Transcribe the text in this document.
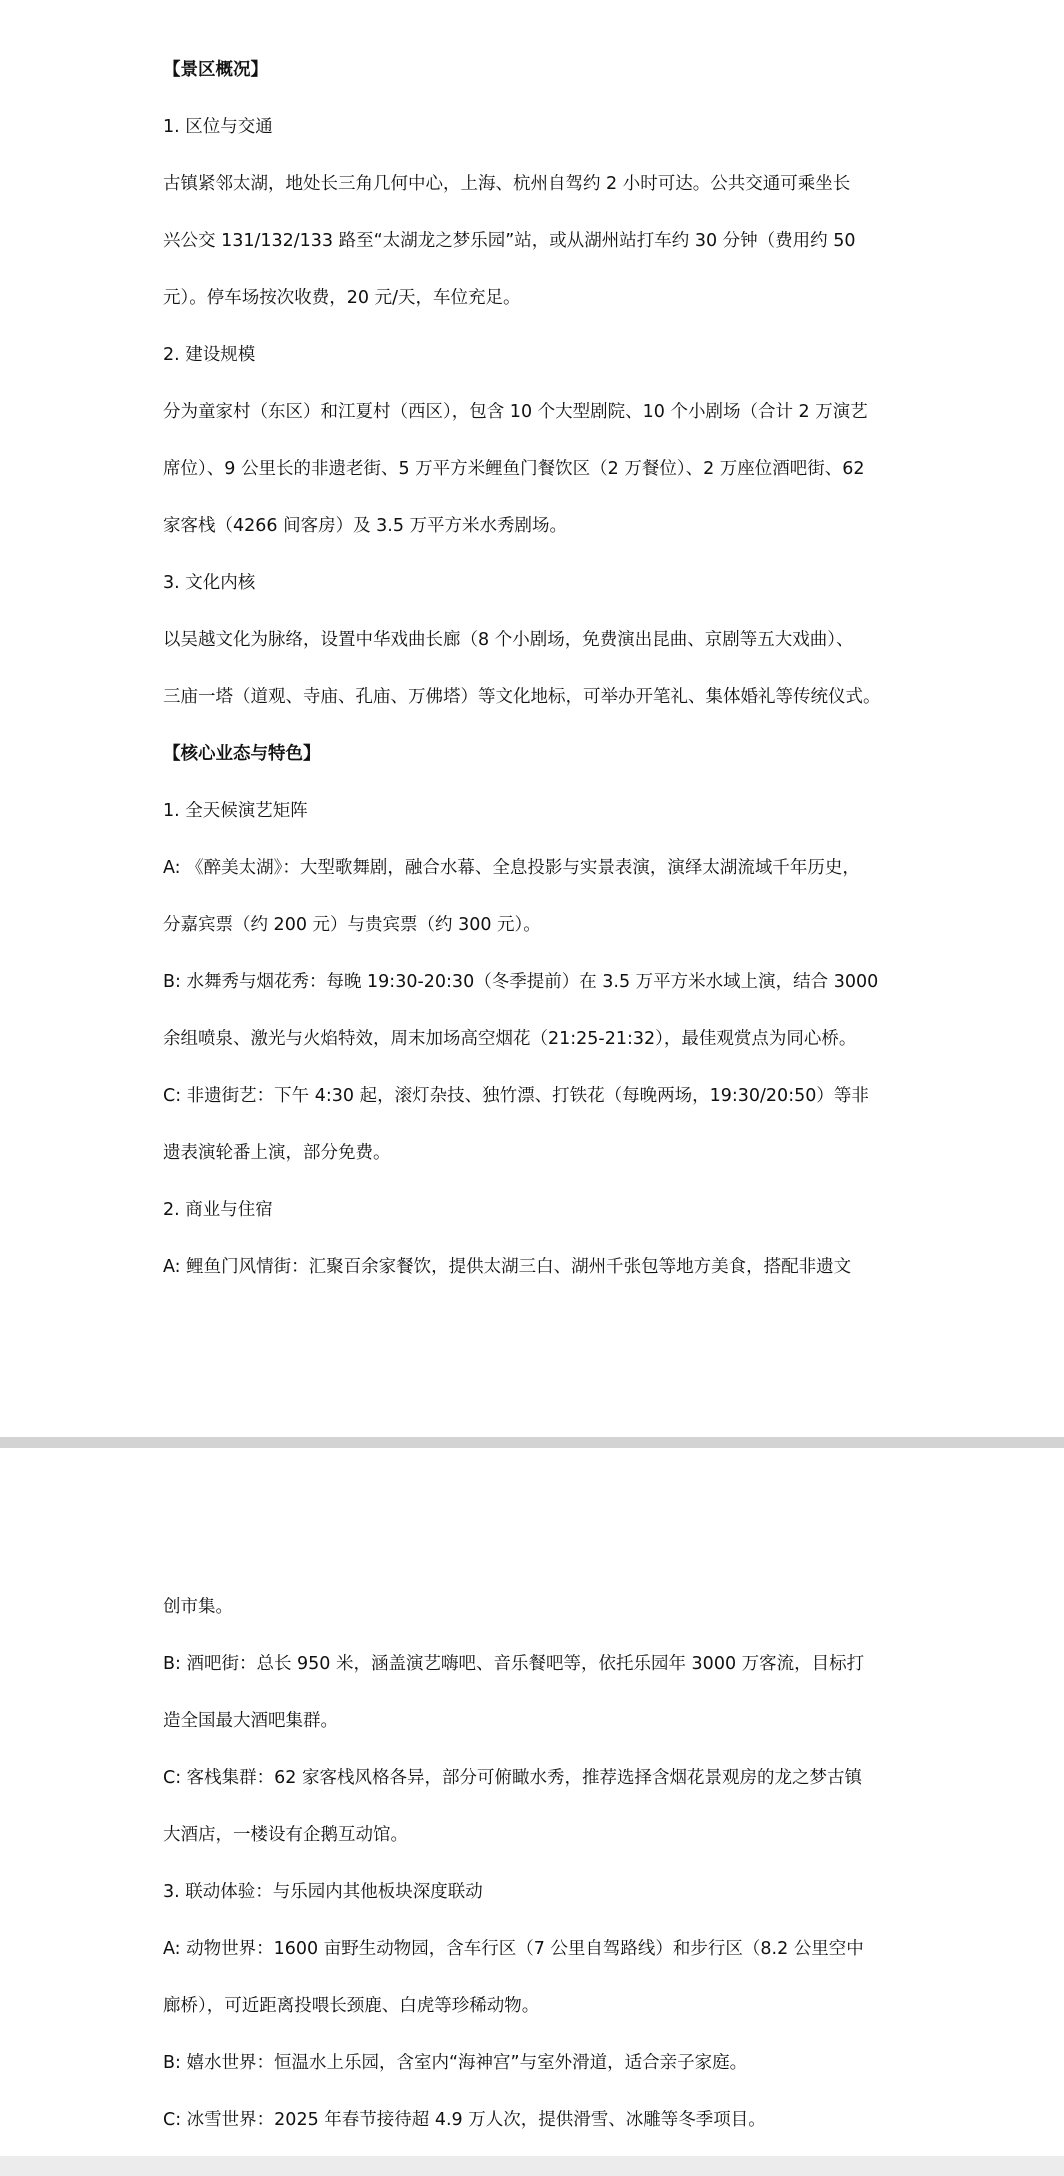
【景区概况】
1. 区位与交通
古镇紧邻太湖，地处长三角几何中心，上海、杭州自驾约 2 小时可达。公共交通可乘坐长
兴公交 131/132/133 路至“太湖龙之梦乐园”站，或从湖州站打车约 30 分钟（费用约 50
元）。停车场按次收费，20 元/天，车位充足。
2. 建设规模
分为童家村（东区）和江夏村（西区），包含 10 个大型剧院、10 个小剧场（合计 2 万演艺
席位）、9 公里长的非遗老街、5 万平方米鲤鱼门餐饮区（2 万餐位）、2 万座位酒吧街、62
家客栈（4266 间客房）及 3.5 万平方米水秀剧场。
3. 文化内核
以吴越文化为脉络，设置中华戏曲长廊（8 个小剧场，免费演出昆曲、京剧等五大戏曲）、
三庙一塔（道观、寺庙、孔庙、万佛塔）等文化地标，可举办开笔礼、集体婚礼等传统仪式。
【核心业态与特色】
1. 全天候演艺矩阵
A: 《醉美太湖》：大型歌舞剧，融合水幕、全息投影与实景表演，演绎太湖流域千年历史，
分嘉宾票（约 200 元）与贵宾票（约 300 元）。
B: 水舞秀与烟花秀：每晚 19:30-20:30（冬季提前）在 3.5 万平方米水域上演，结合 3000
余组喷泉、激光与火焰特效，周末加场高空烟花（21:25-21:32），最佳观赏点为同心桥。
C: 非遗街艺：下午 4:30 起，滚灯杂技、独竹漂、打铁花（每晚两场，19:30/20:50）等非
遗表演轮番上演，部分免费。
2. 商业与住宿
A: 鲤鱼门风情街：汇聚百余家餐饮，提供太湖三白、湖州千张包等地方美食，搭配非遗文
创市集。
B: 酒吧街：总长 950 米，涵盖演艺嗨吧、音乐餐吧等，依托乐园年 3000 万客流，目标打
造全国最大酒吧集群。
C: 客栈集群：62 家客栈风格各异，部分可俯瞰水秀，推荐选择含烟花景观房的龙之梦古镇
大酒店，一楼设有企鹅互动馆。
3. 联动体验：与乐园内其他板块深度联动
A: 动物世界：1600 亩野生动物园，含车行区（7 公里自驾路线）和步行区（8.2 公里空中
廊桥），可近距离投喂长颈鹿、白虎等珍稀动物。
B: 嬉水世界：恒温水上乐园，含室内“海神宫”与室外滑道，适合亲子家庭。
C: 冰雪世界：2025 年春节接待超 4.9 万人次，提供滑雪、冰雕等冬季项目。
